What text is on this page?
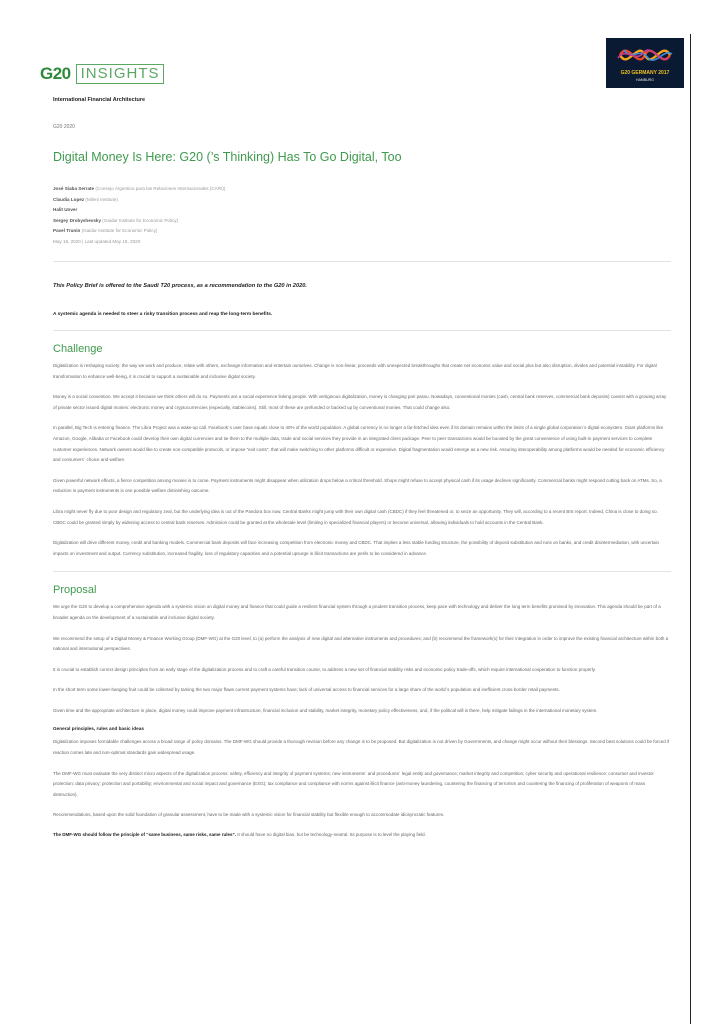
G20 INSIGHTS	G20 GERMANY 2017
HAMBURG
International Financial Architecture
G20 2020
Digital Money Is Here: G20 (’s Thinking) Has To Go Digital, Too
José Siaba Serrate (Consejo Argentino para las Relaciones Internacionales (CARI))
Claudia Lopez (Mileni Institute)
Halit Unver
Sergey Drobyshevsky (Gaidar Institute for Economic Policy)
Pavel Trunin (Gaidar Institute for Economic Policy)
May 18, 2020 | Last updated May 18, 2020
This Policy Brief is offered to the Saudi T20 process, as a recommendation to the G20 in 2020.
A systemic agenda is needed to steer a risky transition process and reap the long-term benefits.
Challenge

Digitalization is reshaping society: the way we work and produce, relate with others, exchange information and entertain ourselves. Change is non-linear, proceeds with unexpected breakthroughs that create net economic value and social plus but also disruption, divides and potential instability. For digital transformation to enhance well-being, it is crucial to support a sustainable and inclusive digital society.

Money is a social convention. We accept it because we think others will do so. Payments are a social experience linking people. With vertiginous digitalization, money is changing pari passu. Nowadays, conventional monies (cash, central bank reserves, commercial bank deposits) coexist with a growing array of private sector issued digital monies: electronic money and cryptocurrencies (especially, stablecoins). Still, most of these are prefunded or backed up by conventional monies. That could change also.

In parallel, Big Tech is entering finance. The Libra Project was a wake-up call. Facebook´s user base equals close to 40% of the world population. A global currency is no longer a far-fetched idea even if its domain remains within the limits of a single global corporation´s digital ecosystem. Giant platforms like Amazon, Google, Alibaba or Facebook could develop their own digital currencies and tie them to the multiple data, trade and social services they provide in an integrated client package. Peer to peer transactions would be boosted by the great convenience of using built-in payment services to complete customer experiences. Network owners would like to create non-compatible protocols, or impose “exit costs”, that will make switching to other platforms difficult or expensive. Digital fragmentation would emerge as a new risk. Assuring interoperability among platforms would be needed for economic efficiency and consumers´ choice and welfare.

Given powerful network effects, a fierce competition among monies is to come. Payment instruments might disappear when utilization drops below a critical threshold. Shops might refuse to accept physical cash if its usage declines significantly. Commercial banks might respond cutting back on ATMs. So, a reduction in payment instruments is one possible welfare diminishing outcome.

Libra might never fly due to poor design and regulatory zeal, but the underlying idea is out of the Pandora box now. Central Banks might jump with their own digital cash (CBDC) if they feel threatened or, to seize an opportunity. They will, according to a recent BIS report. Indeed, China is close to doing so. CBDC could be granted simply by widening access to central bank reserves. Admission could be granted at the wholesale level (limiting in specialized financial players) or become universal, allowing individuals to hold accounts in the Central Bank.

Digitalization will drive different money, credit and banking models. Commercial bank deposits will face increasing competition from electronic money and CBDC. That implies a less stable funding structure, the possibility of deposit substitution and runs on banks, and credit disintermediation, with uncertain impacts on investment and output. Currency substitution, increased fragility, loss of regulatory capacities and a potential upsurge in illicit transactions are perils to be considered in advance.

Proposal

We urge the G20 to develop a comprehensive agenda with a systemic vision on digital money and finance that could guide a resilient financial system through a prudent transition process, keep pace with technology and deliver the long term benefits promised by innovation. This agenda should be part of a broader agenda on the development of a sustainable and inclusive digital society.

We recommend the setup of a Digital Money & Finance Working Group (DMF-WG) at the G20 level, to (a) perform the analysis of new digital and alternative instruments and procedures; and (b) recommend the framework(s) for their integration in order to improve the existing financial architecture within both a national and international perspectives.

It is crucial to establish correct design principles from an early stage of the digitalization process and to craft a careful transition course, to address a new set of financial stability risks and economic policy trade-offs, which require international cooperation to function properly.

In the short term some lower-hanging fruit could be collected by taming the two major flaws current payment systems have; lack of universal access to financial services for a large share of the world´s population and inefficient cross-border retail payments.

Given time and the appropriate architecture in place, digital money could improve payment infrastructure, financial inclusion and stability, market integrity, monetary policy effectiveness, and, if the political will is there, help mitigate failings in the international monetary system.

General principles, rules and basic ideas

Digitalization imposes formidable challenges across a broad range of policy domains. The DMF-WG should provide a thorough revision before any change is to be proposed. But digitalization is not driven by Governments, and change might occur without their blessings. Second best solutions could be forced if reaction comes late and non-optimal standards gain widespread usage.

The DMF-WG must evaluate the very distinct micro aspects of the digitalization process: safety, efficiency and integrity of payment systems; new instruments´ and procedures´ legal entity and governance; market integrity and competition; cyber security and operational resilience; consumer and investor protection; data privacy; protection and portability; environmental and social impact and governance (ESG); tax compliance and compliance with norms against illicit finance (anti-money laundering, countering the financing of terrorism and countering the financing of proliferation of weapons of mass destruction).

Recommendations, based upon the solid foundation of granular assessment, have to be made with a systemic vision for financial stability but flexible enough to accommodate idiosyncratic features.

The DMF-WG should follow the principle of “same business, same risks, same rules”. It should have no digital bias, but be technology-neutral. Its purpose is to level the playing field.
